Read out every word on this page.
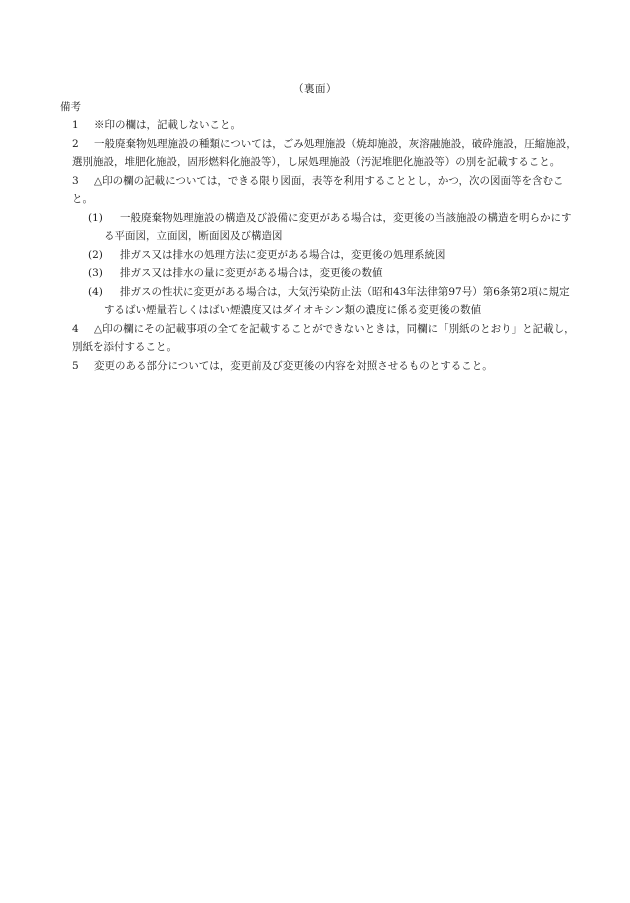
（裏面）
備考
1	※印の欄は，記載しないこと。
2	一般廃棄物処理施設の種類については，ごみ処理施設（焼却施設，灰溶融施設，破砕施設，圧縮施設，選別施設，堆肥化施設，固形燃料化施設等），し尿処理施設（汚泥堆肥化施設等）の別を記載すること。
3	△印の欄の記載については，できる限り図面，表等を利用することとし，かつ，次の図面等を含むこと。
(1)	一般廃棄物処理施設の構造及び設備に変更がある場合は，変更後の当該施設の構造を明らかにする平面図，立面図，断面図及び構造図
(2)	排ガス又は排水の処理方法に変更がある場合は，変更後の処理系統図
(3)	排ガス又は排水の量に変更がある場合は，変更後の数値
(4)	排ガスの性状に変更がある場合は，大気汚染防止法（昭和43年法律第97号）第6条第2項に規定するばい煙量若しくはばい煙濃度又はダイオキシン類の濃度に係る変更後の数値
4	△印の欄にその記載事項の全てを記載することができないときは，同欄に「別紙のとおり」と記載し，別紙を添付すること。
5	変更のある部分については，変更前及び変更後の内容を対照させるものとすること。
